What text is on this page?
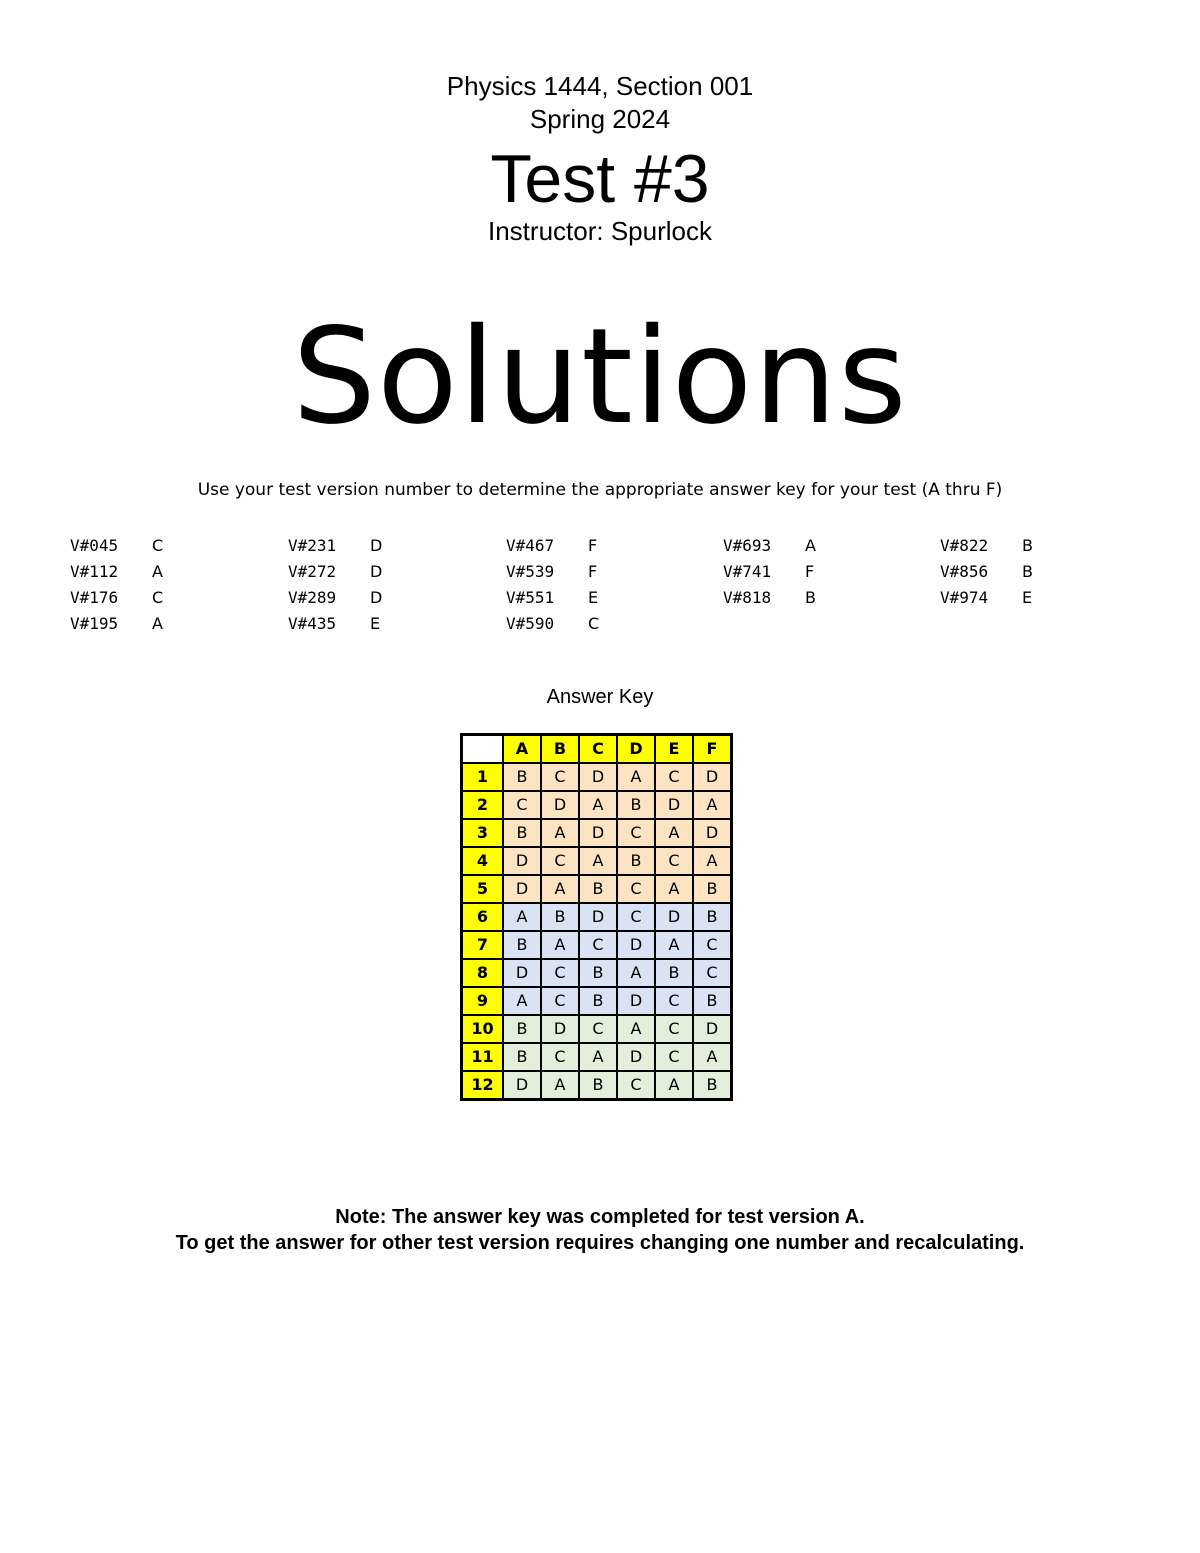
Physics 1444, Section 001
Spring 2024
Test #3
Instructor: Spurlock
Solutions
Use your test version number to determine the appropriate answer key for your test (A thru F)
V#045 C
V#112 A
V#176 C
V#195 A
V#231 D
V#272 D
V#289 D
V#435 E
V#467 F
V#539 F
V#551 E
V#590 C
V#693 A
V#741 F
V#818 B
V#822 B
V#856 B
V#974 E
Answer Key
	A	B	C	D	E	F
1	B	C	D	A	C	D
2	C	D	A	B	D	A
3	B	A	D	C	A	D
4	D	C	A	B	C	A
5	D	A	B	C	A	B
6	A	B	D	C	D	B
7	B	A	C	D	A	C
8	D	C	B	A	B	C
9	A	C	B	D	C	B
10	B	D	C	A	C	D
11	B	C	A	D	C	A
12	D	A	B	C	A	B
Note: The answer key was completed for test version A.
To get the answer for other test version requires changing one number and recalculating.
